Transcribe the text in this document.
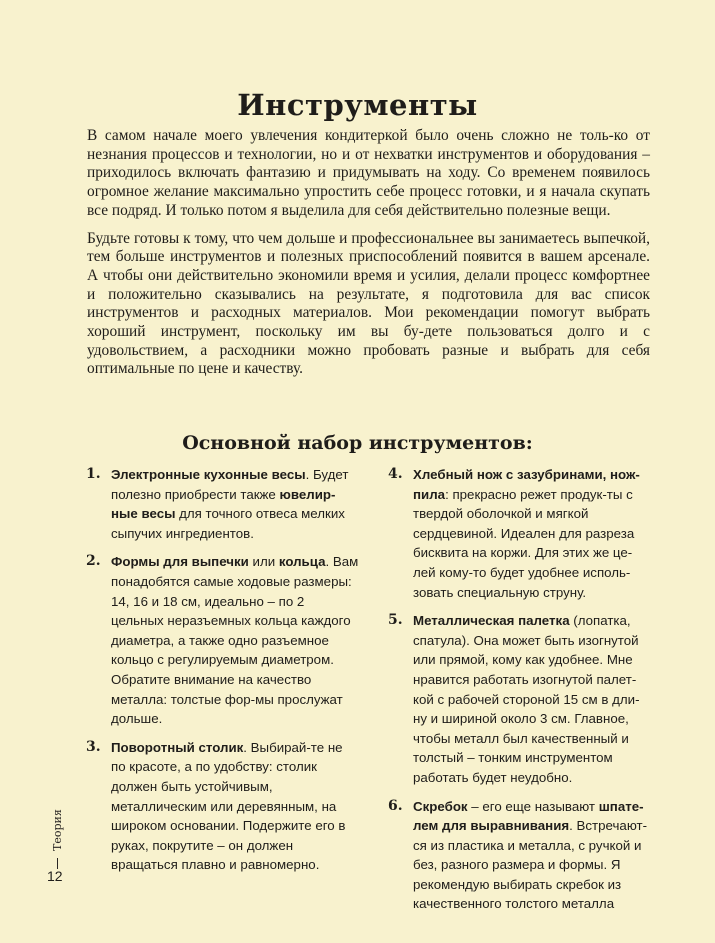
Инструменты

В самом начале моего увлечения кондитеркой было очень сложно не толь-ко от незнания процессов и технологии, но и от нехватки инструментов и оборудования – приходилось включать фантазию и придумывать на ходу. Со временем появилось огромное желание максимально упростить себе процесс готовки, и я начала скупать все подряд. И только потом я выделила для себя действительно полезные вещи.

Будьте готовы к тому, что чем дольше и профессиональнее вы занимаетесь выпечкой, тем больше инструментов и полезных приспособлений появится в вашем арсенале. А чтобы они действительно экономили время и усилия, делали процесс комфортнее и положительно сказывались на результате, я подготовила для вас список инструментов и расходных материалов. Мои рекомендации помогут выбрать хороший инструмент, поскольку им вы бу-дете пользоваться долго и с удовольствием, а расходники можно пробовать разные и выбрать для себя оптимальные по цене и качеству.

Основной набор инструментов:
1. Электронные кухонные весы. Будет полезно приобрести также ювелир-ные весы для точного отвеса мелких сыпучих ингредиентов.
2. Формы для выпечки или кольца. Вам понадобятся самые ходовые размеры: 14, 16 и 18 см, идеально – по 2 цельных неразъемных кольца каждого диаметра, а также одно разъемное кольцо с регулируемым диаметром. Обратите внимание на качество металла: толстые фор-мы прослужат дольше.
3. Поворотный столик. Выбирай-те не по красоте, а по удобству: столик должен быть устойчивым, металлическим или деревянным, на широком основании. Подержите его в руках, покрутите – он должен вращаться плавно и равномерно.
4. Хлебный нож с зазубринами, нож-пила: прекрасно режет продук-ты с твердой оболочкой и мягкой сердцевиной. Идеален для разреза бисквита на коржи. Для этих же це-лей кому-то будет удобнее исполь-зовать специальную струну.
5. Металлическая палетка (лопатка, спатула). Она может быть изогнутой или прямой, кому как удобнее. Мне нравится работать изогнутой палет-кой с рабочей стороной 15 см в дли-ну и шириной около 3 см. Главное, чтобы металл был качественный и толстый – тонким инструментом работать будет неудобно.
6. Скребок – его еще называют шпате-лем для выравнивания. Встречают-ся из пластика и металла, с ручкой и без, разного размера и формы. Я рекомендую выбирать скребок из качественного толстого металла
Теория
12
